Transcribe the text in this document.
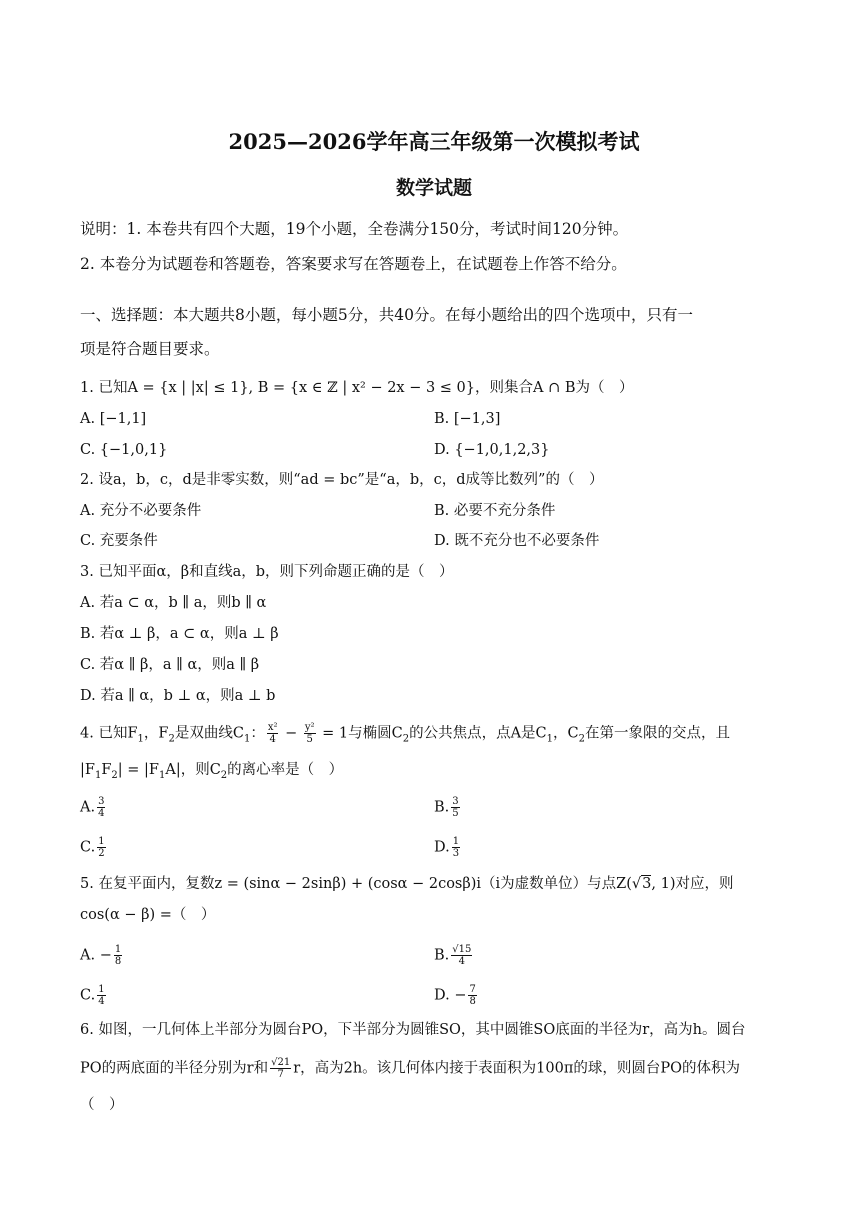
2025—2026学年高三年级第一次模拟考试
数学试题
说明：1. 本卷共有四个大题，19个小题，全卷满分150分，考试时间120分钟。
2. 本卷分为试题卷和答题卷，答案要求写在答题卷上，在试题卷上作答不给分。
一、选择题：本大题共8小题，每小题5分，共40分。在每小题给出的四个选项中，只有一
项是符合题目要求。
1. 已知A = {x | |x| ≤ 1}, B = {x ∈ ℤ | x² − 2x − 3 ≤ 0}，则集合A ∩ B为（　）
A. [−1,1]	B. [−1,3]
C. {−1,0,1}	D. {−1,0,1,2,3}
2. 设a，b，c，d是非零实数，则“ad = bc”是“a，b，c，d成等比数列”的（　）
A. 充分不必要条件	B. 必要不充分条件
C. 充要条件	D. 既不充分也不必要条件
3. 已知平面α，β和直线a，b，则下列命题正确的是（　）
A. 若a ⊂ α，b ∥ a，则b ∥ α
B. 若α ⊥ β，a ⊂ α，则a ⊥ β
C. 若α ∥ β，a ∥ α，则a ∥ β
D. 若a ∥ α，b ⊥ α，则a ⊥ b
4. 已知$F_1$，$F_2$是双曲线$C_1$： $\frac{\text{x²}}{4} - \frac{\text{y²}}{5} = 1$与椭圆$C_2$的公共焦点，点A是$C_1$，$C_2$在第一象限的交点，且
$|F_1F_2| = |F_1A|$，则$C_2$的离心率是（　）
A. $\frac{3}{4}$	B. $\frac{3}{5}$
C. $\frac{1}{2}$	D. $\frac{1}{3}$
5. 在复平面内，复数z = (sinα − 2sinβ) + (cosα − 2cosβ)i（i为虚数单位）与点Z(√3, 1)对应，则
cos(α − β) =（　）
A. − $\frac{1}{8}$	B. $\frac{√15}{4}$
C. $\frac{1}{4}$	D. − $\frac{7}{8}$
6. 如图，一几何体上半部分为圆台PO，下半部分为圆锥SO，其中圆锥SO底面的半径为r，高为h。圆台
PO的两底面的半径分别为r和 $\frac{√21}{7}$ r，高为2h。该几何体内接于表面积为100π的球，则圆台PO的体积为
（　）
